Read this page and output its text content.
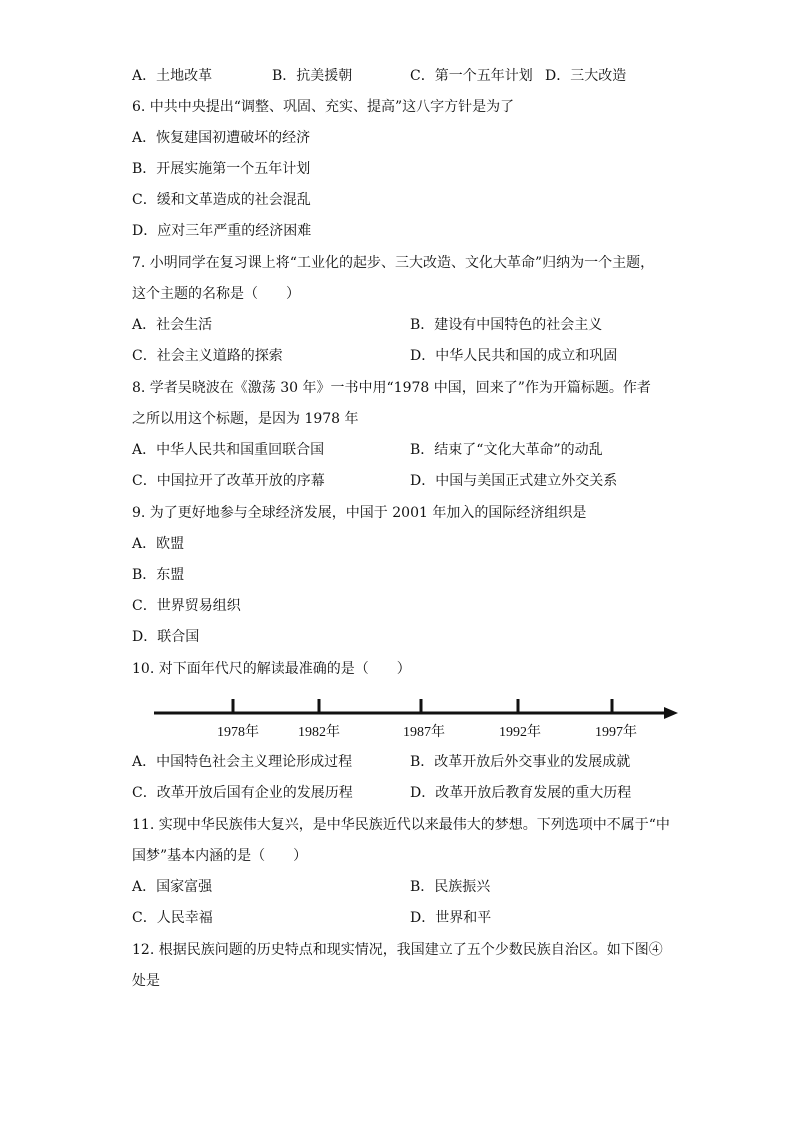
A．土地改革	B．抗美援朝	C．第一个五年计划 D．三大改造
6. 中共中央提出“调整、巩固、充实、提高”这八字方针是为了
A．恢复建国初遭破坏的经济
B．开展实施第一个五年计划
C．缓和文革造成的社会混乱
D．应对三年严重的经济困难
7. 小明同学在复习课上将“工业化的起步、三大改造、文化大革命”归纳为一个主题，
这个主题的名称是（　　）
A．社会生活	B．建设有中国特色的社会主义
C．社会主义道路的探索	D．中华人民共和国的成立和巩固
8. 学者吴晓波在《激荡 30 年》一书中用“1978 中国，回来了”作为开篇标题。作者
之所以用这个标题，是因为 1978 年
A．中华人民共和国重回联合国	B．结束了“文化大革命”的动乱
C．中国拉开了改革开放的序幕	D．中国与美国正式建立外交关系
9. 为了更好地参与全球经济发展，中国于 2001 年加入的国际经济组织是
A．欧盟
B．东盟
C．世界贸易组织
D．联合国
10. 对下面年代尺的解读最准确的是（　　）
1978年	1982年	1987年	1992年	1997年
A．中国特色社会主义理论形成过程	B．改革开放后外交事业的发展成就
C．改革开放后国有企业的发展历程	D．改革开放后教育发展的重大历程
11. 实现中华民族伟大复兴，是中华民族近代以来最伟大的梦想。下列选项中不属于“中
国梦”基本内涵的是（　　）
A．国家富强	B．民族振兴
C．人民幸福	D．世界和平
12. 根据民族问题的历史特点和现实情况，我国建立了五个少数民族自治区。如下图④
处是
